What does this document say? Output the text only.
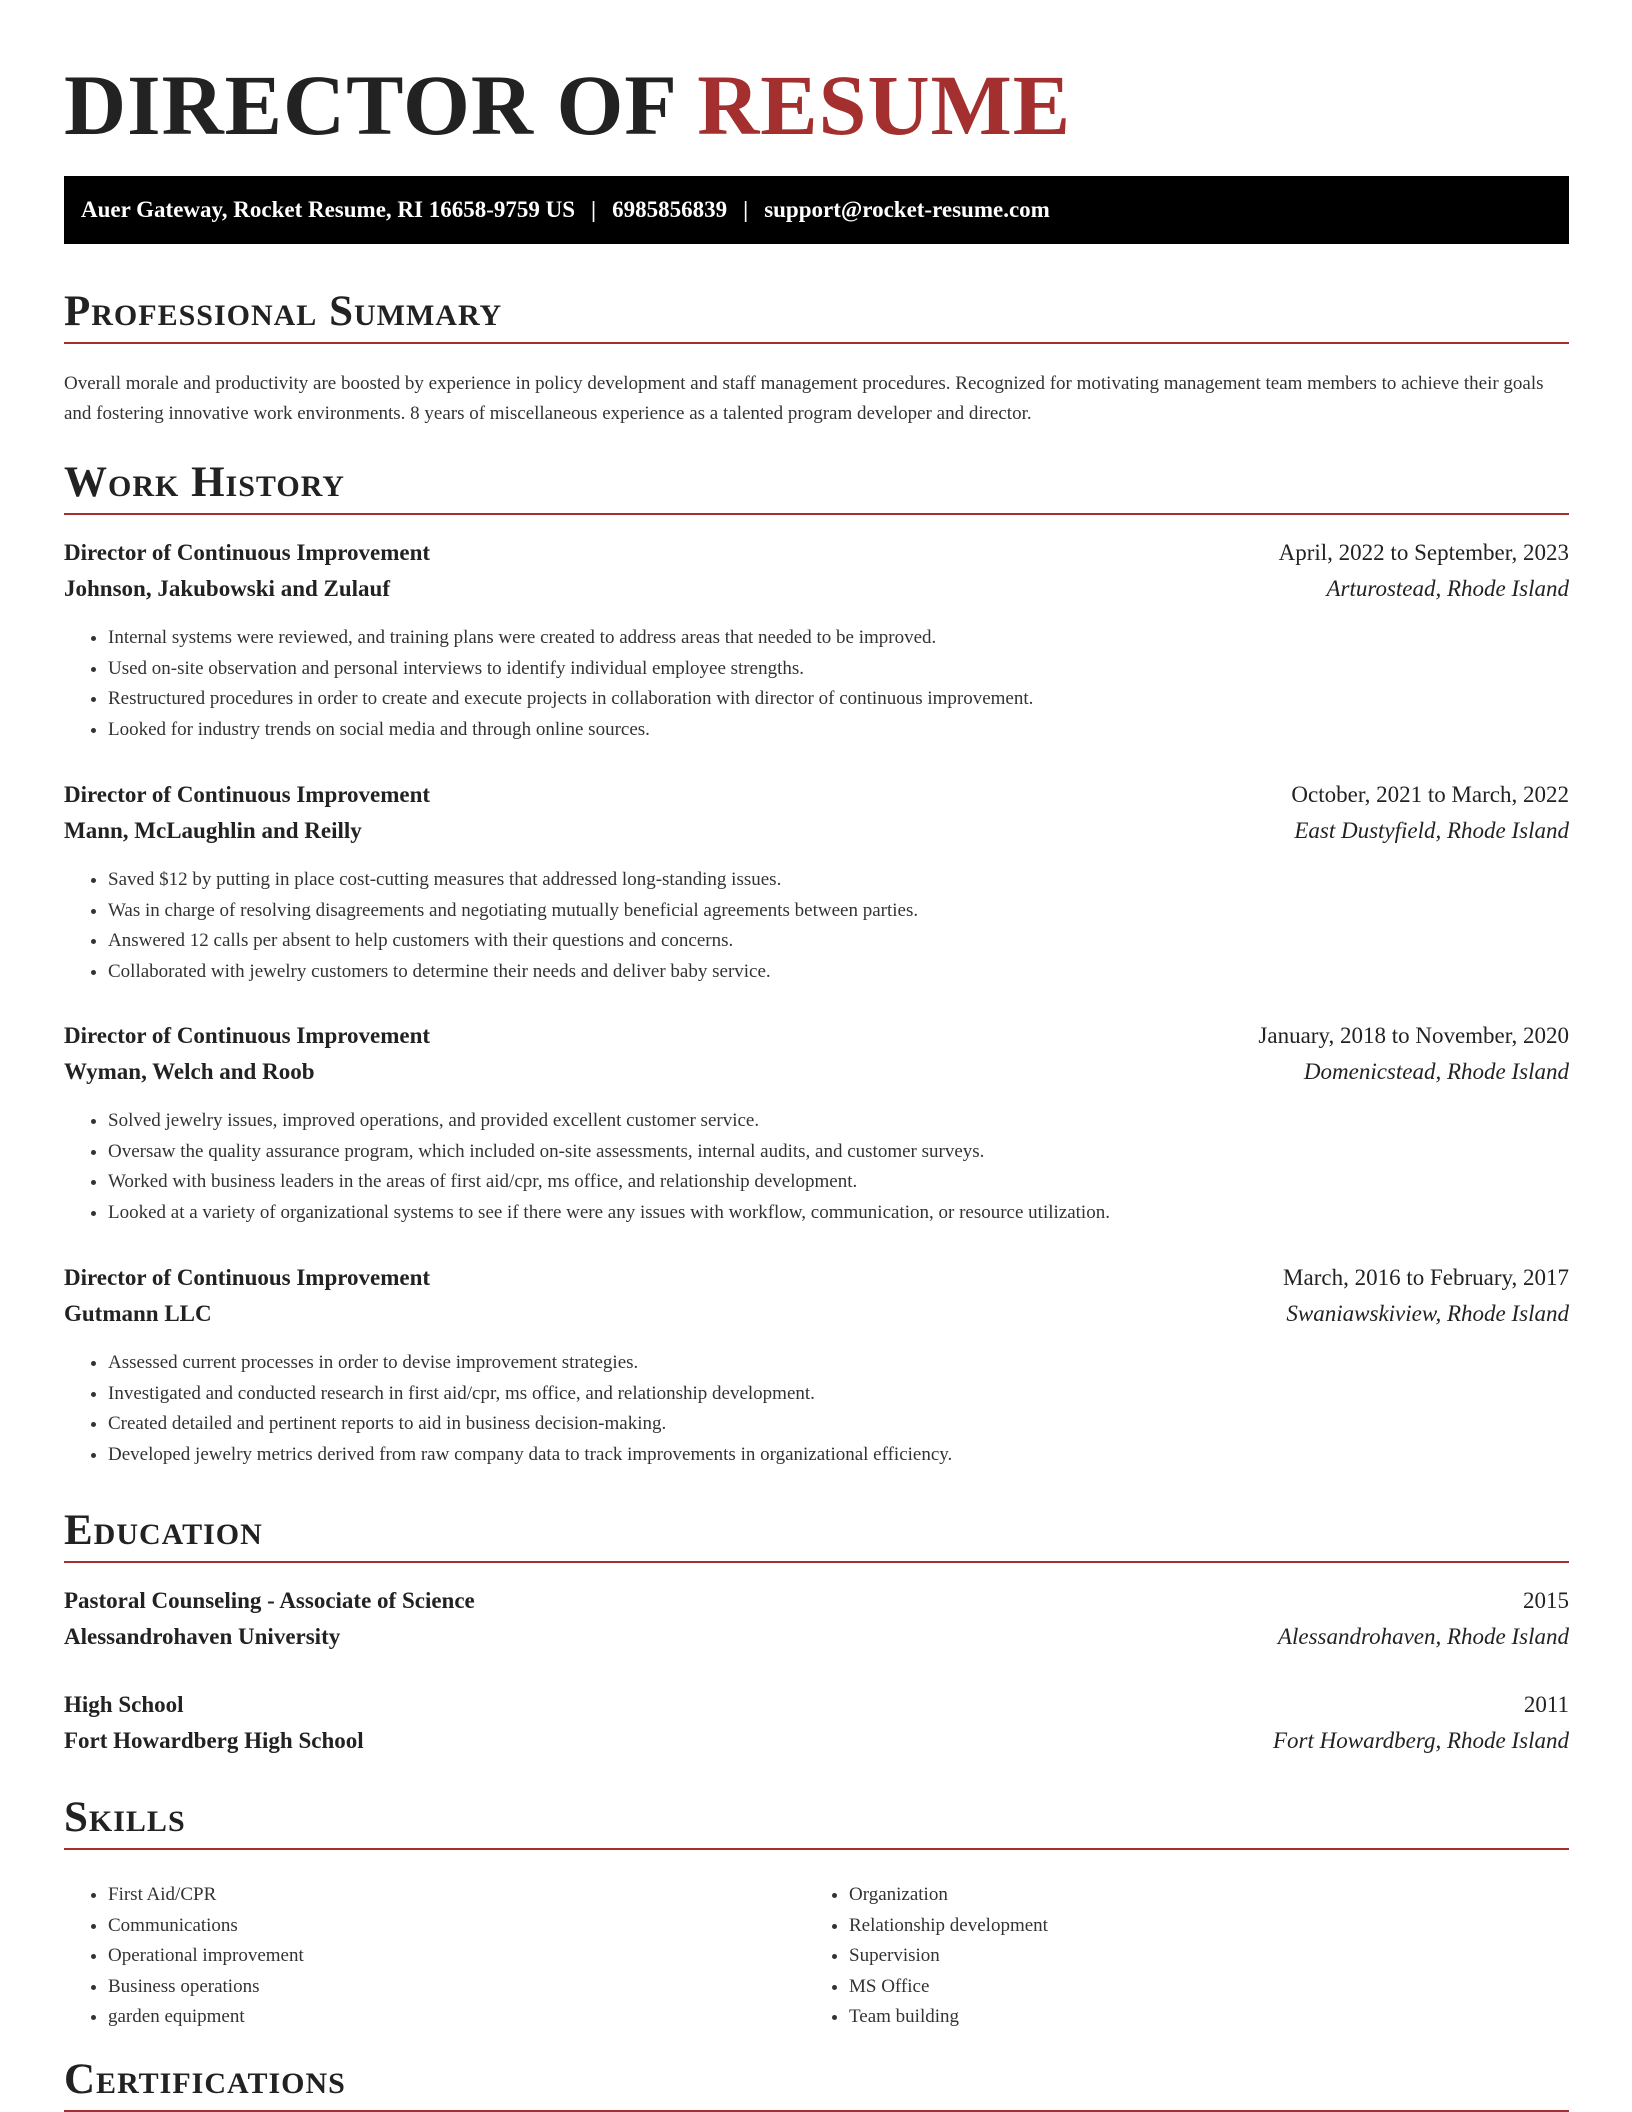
DIRECTOR OF RESUME
Auer Gateway, Rocket Resume, RI 16658-9759 US | 6985856839 | support@rocket-resume.com
Professional Summary

Overall morale and productivity are boosted by experience in policy development and staff management procedures. Recognized for motivating management team members to achieve their goals and fostering innovative work environments. 8 years of miscellaneous experience as a talented program developer and director.

Work History
Director of Continuous Improvement	April, 2022 to September, 2023
Johnson, Jakubowski and Zulauf	Arturostead, Rhode Island
• Internal systems were reviewed, and training plans were created to address areas that needed to be improved.
• Used on-site observation and personal interviews to identify individual employee strengths.
• Restructured procedures in order to create and execute projects in collaboration with director of continuous improvement.
• Looked for industry trends on social media and through online sources.
Director of Continuous Improvement	October, 2021 to March, 2022
Mann, McLaughlin and Reilly	East Dustyfield, Rhode Island
• Saved $12 by putting in place cost-cutting measures that addressed long-standing issues.
• Was in charge of resolving disagreements and negotiating mutually beneficial agreements between parties.
• Answered 12 calls per absent to help customers with their questions and concerns.
• Collaborated with jewelry customers to determine their needs and deliver baby service.
Director of Continuous Improvement	January, 2018 to November, 2020
Wyman, Welch and Roob	Domenicstead, Rhode Island
• Solved jewelry issues, improved operations, and provided excellent customer service.
• Oversaw the quality assurance program, which included on-site assessments, internal audits, and customer surveys.
• Worked with business leaders in the areas of first aid/cpr, ms office, and relationship development.
• Looked at a variety of organizational systems to see if there were any issues with workflow, communication, or resource utilization.
Director of Continuous Improvement	March, 2016 to February, 2017
Gutmann LLC	Swaniawskiview, Rhode Island
• Assessed current processes in order to devise improvement strategies.
• Investigated and conducted research in first aid/cpr, ms office, and relationship development.
• Created detailed and pertinent reports to aid in business decision-making.
• Developed jewelry metrics derived from raw company data to track improvements in organizational efficiency.
Education
Pastoral Counseling - Associate of Science	2015
Alessandrohaven University	Alessandrohaven, Rhode Island
High School	2011
Fort Howardberg High School	Fort Howardberg, Rhode Island
Skills
• First Aid/CPR
• Communications
• Operational improvement
• Business operations
• garden equipment
• Organization
• Relationship development
• Supervision
• MS Office
• Team building
Certifications
